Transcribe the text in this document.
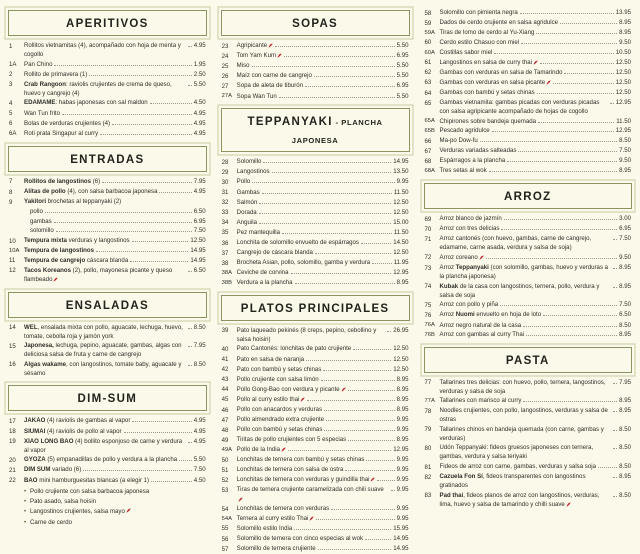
APERITIVOS
1	Rollitos vietnamitas (4), acompañado con hoja de menta y cogollo
4.95
1A	Pan Chino	1.95
2	Rollito de primavera (1)	2.50
3	Crab Rangoon: raviolis crujientes de crema de queso, huevo y cangrejo (4)
5.50
4	EDAMAME: habas japonesas con sal maldon	4.50
5	Wan Tun frito	4.95
6	Bolas de verduras crujientes (4)	4.95
6A	Roti prata Singapur al curry	4.95
ENTRADAS
7	Rollitos de langostinos (6)	7.95
8	Alitas de pollo (4), con salsa barbacoa japonesa	4.95
9	Yakitori brochetas al teppanyaki (2)
pollo	6.50
gambas	6.95
solomillo	7.50
10	Tempura mixta verduras y langostinos	12.50
10A Tempura de langostinos	14.95
11	Tempura de cangrejo cáscara blanda	14.95
12	Tacos Koreanos (2), pollo, mayonesa picante y queso flambeado
6.50
ENSALADAS
14	WEL, ensalada mixta con pollo, aguacate, lechuga, huevo, tomate, cebolla roja y jamón york
8.50
15	Japonesa, lechuga, pepino, aguacate, gambas, algas con deliciosa salsa de fruta y carne de cangrejo
7.95
16	Algas wakame, con langostinos, tomate baby, aguacate y sésamo
8.50
DIM-SUM
17	JAKAO (4) raviolis de gambas al vapor	4.95
18	SIUMAI (4) raviolis de pollo al vapor	4.95
19	XIAO LONG BAO (4) bollito esponjoso de carne y verdura al vapor
4.95
20	GYOZA (5) empanadillas de pollo y verdura a la plancha	5.50
21	DIM SUM variado (6)	7.50
22	BAO mini hamburguesitas blancas (a elegir 1)	4.50
• Pollo crujiente con salsa barbacoa japonesa
• Pato asado, salsa hoisin
• Langostinos crujientes, salsa mayo
• Carne de cerdo
SOPAS
23	Agripicante	5.50
24	Tom Yam Kum	6.95
25	Miso	5.50
26	Maíz con carne de cangrejo	5.50
27	Sopa de aleta de tiburón	6.95
27A Sopa Wan Tun	5.50
TEPPANYAKI - PLANCHA JAPONESA
28	Solomillo	14.95
29	Langostinos	13.50
30	Pollo	9.95
31	Gambas	11.50
32	Salmón	12.50
33	Dorada	12.50
34	Anguila	15.00
35	Pez mantequilla	11.50
36	Lonchita de solomillo envuelto de espárragos	14.50
37	Cangrejo de cáscara blanda	12.50
38	Brocheta Asian, pollo, solomillo, gamba y verdura	11.95
38A Ceviche de corvina	12.95
38B Verdura a la plancha	8.95
PLATOS PRINCIPALES
39	Pato laqueado pekinés (8 creps, pepino, cebollino y salsa hoisin)
26.95
40	Pato Cantonés: lonchitas de pato crujiente	12.50
41	Pato en salsa de naranja	12.50
42	Pato con bambú y setas chinas	12.50
43	Pollo crujiente con salsa limón	8.95
44	Pollo Gong-Bao con verdura y picante	8.95
45	Pollo al curry estilo thai	8.95
46	Pollo con anacardos y verduras	8.95
47	Pollo almendrado extra crujiente	9.95
48	Pollo con bambú y setas chinas	9.95
49	Tiritas de pollo crujientes con 5 especias	8.95
49A Pollo de la India	12.95
50	Lonchitas de ternera con bambú y setas chinas	9.95
51	Lonchitas de ternera con salsa de ostra	9.95
52	Lonchitas de ternera con verduras y guindilla thai	9.95
53	Tiras de ternera crujiente caramelizada con chili suave	9.95
54	Lonchitas de ternera con verduras	9.95
54A Ternera al curry estilo Thai	9.95
55	Solomillo estilo India	15.95
56	Solomillo de ternera con cinco especias al wok	14.95
57	Solomillo de ternera crujiente	14.95
58	Solomillo con pimienta negra	13.95
59	Dados de cerdo crujiente en salsa agridulce	8.95
59A Tiras de lomo de cerdo al Yu-Xiang	8.95
60	Cerdo estilo Chasuo con miel	9.50
60A Costillas sabor miel	10.50
61	Langostinos en salsa de curry thai	12.50
62	Gambas con verduras en salsa de Tamarindo	12.50
63	Gambas con verduras en salsa picante	12.50
64	Gambas con bambú y setas chinas	12.50
65	Gambas vietnamita: gambas picadas con verduras picadas con salsa agripicante acompañado de hojas de cogollo
12.95
65A Chipirones sobre bandeja quemada	11.50
65B Pescado agridulce	12.95
66	Ma-po Dow-fu	8.50
67	Verduras variadas salteadas	7.50
68	Espárragos a la plancha	9.50
68A Tres setas al wok	8.95
ARROZ
69	Arroz blanco de jazmín	3.00
70	Arroz con tres delicias	6.95
71	Arroz cantonés (con huevo, gambas, carne de cangrejo, edamame, carne asada, verdura y salsa de soja)
7.50
72	Arroz coreano	9.50
73	Arroz Teppanyaki (con solomillo, gambas, huevo y verduras a la plancha japonesa)
8.95
74	Kubak de la casa con langostinos, ternera, pollo, verdura y salsa de soja
8.95
75	Arroz con pollo y piña	7.50
76	Arroz Nuomi envuelto en hoja de loto	6.50
76A Arroz negro natural de la casa	8.50
76B Arroz con gambas al curry Thai	8.95
PASTA
77	Tallarines tres delicias: con huevo, pollo, ternera, langostinos, verduras y salsa de soja
7.95
77A Tallarines con marisco al curry	8.95
78	Noodles crujientes, con pollo, langostinos, verduras y salsa de ostras
8.95
79	Tallarines chinos en bandeja quemada (con carne, gambas y verduras)
8.50
80	Udón Teppanyaki: fideos gruesos japoneses con ternera, gambas, verdura y salsa teriyaki
8.50
81	Fideos de arroz con carne, gambas, verduras y salsa soja	8.50
82	Cazuela Fon Sí, fideos transparentes con langostinos gratinados
8.95
83	Pad thai, fideos planos de arroz con langostinos, verduras, lima, huevo y salsa de tamarindo y chilli suave
8.50
